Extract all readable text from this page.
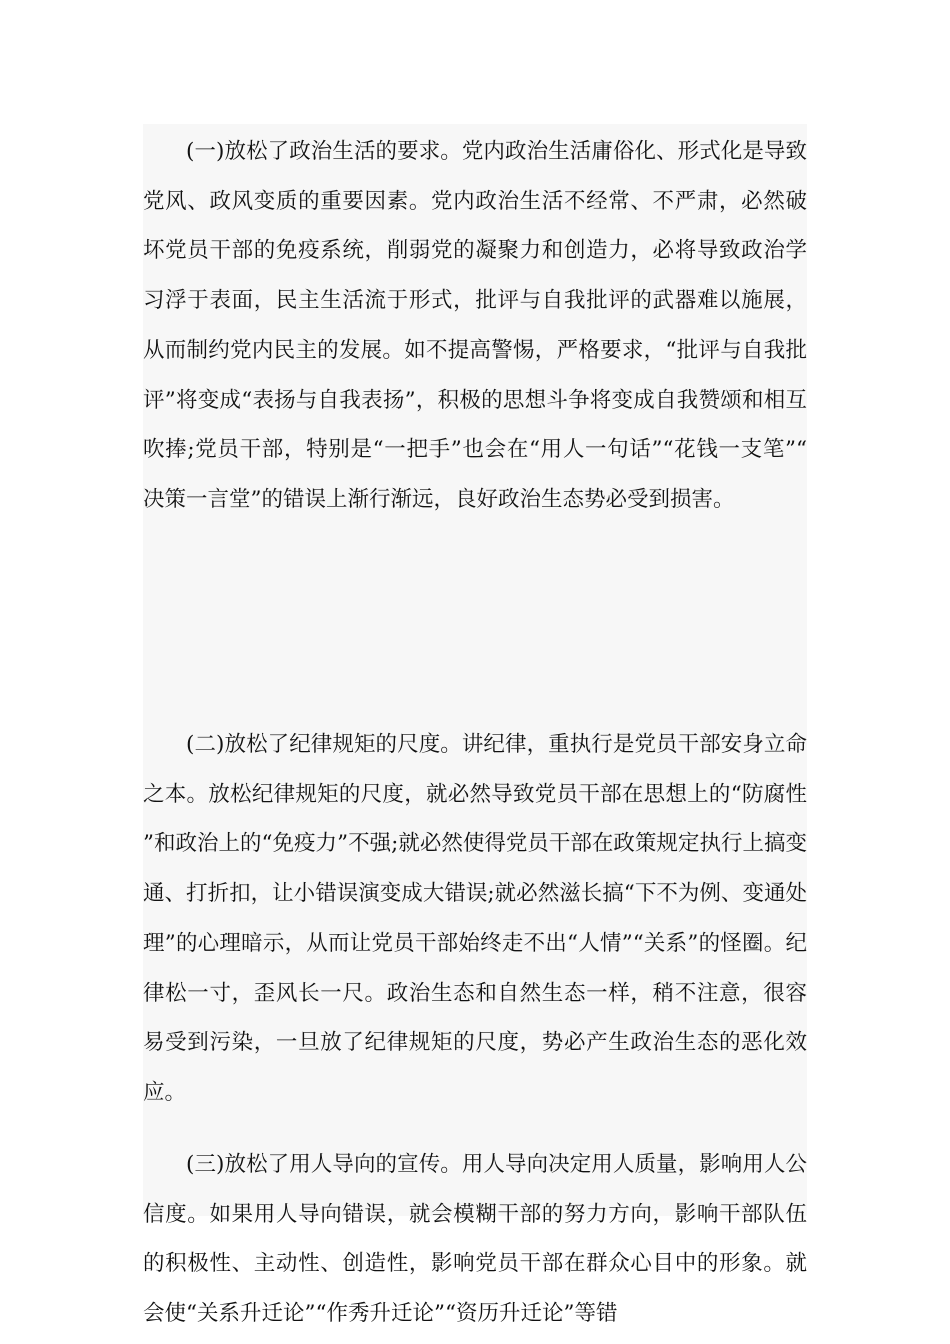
(一)放松了政治生活的要求。党内政治生活庸俗化、形式化是导致党风、政风变质的重要因素。党内政治生活不经常、不严肃，必然破坏党员干部的免疫系统，削弱党的凝聚力和创造力，必将导致政治学习浮于表面，民主生活流于形式，批评与自我批评的武器难以施展，从而制约党内民主的发展。如不提高警惕，严格要求，“批评与自我批评”将变成“表扬与自我表扬”，积极的思想斗争将变成自我赞颂和相互吹捧;党员干部，特别是“一把手”也会在“用人一句话”“花钱一支笔”“决策一言堂”的错误上渐行渐远，良好政治生态势必受到损害。

(二)放松了纪律规矩的尺度。讲纪律，重执行是党员干部安身立命之本。放松纪律规矩的尺度，就必然导致党员干部在思想上的“防腐性”和政治上的“免疫力”不强;就必然使得党员干部在政策规定执行上搞变通、打折扣，让小错误演变成大错误;就必然滋长搞“下不为例、变通处理”的心理暗示，从而让党员干部始终走不出“人情”“关系”的怪圈。纪律松一寸，歪风长一尺。政治生态和自然生态一样，稍不注意，很容易受到污染，一旦放了纪律规矩的尺度，势必产生政治生态的恶化效应。

(三)放松了用人导向的宣传。用人导向决定用人质量，影响用人公信度。如果用人导向错误，就会模糊干部的努力方向，影响干部队伍的积极性、主动性、创造性，影响党员干部在群众心目中的形象。就会使“关系升迁论”“作秀升迁论”“资历升迁论”等错
